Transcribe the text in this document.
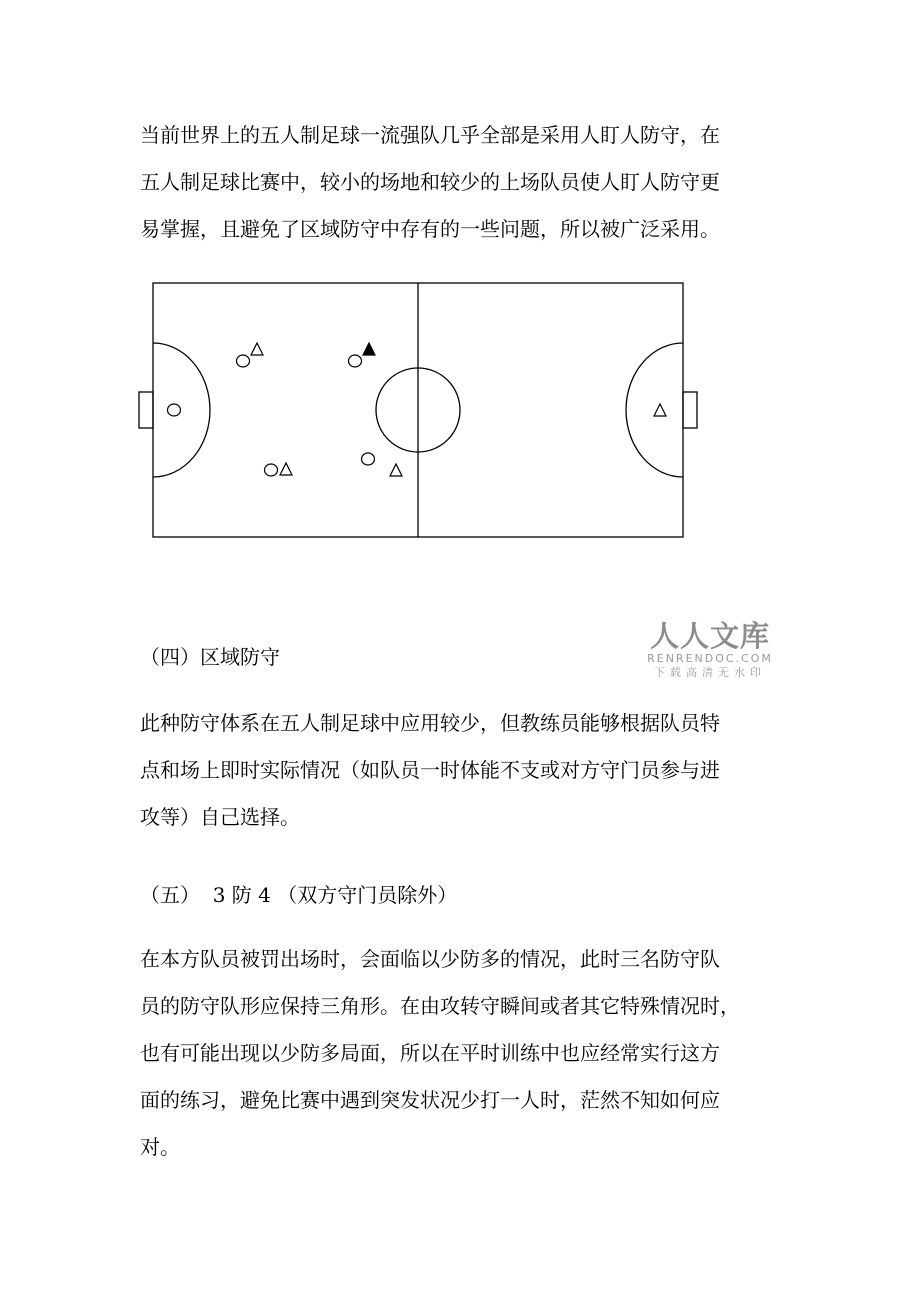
当前世界上的五人制足球一流强队几乎全部是采用人盯人防守，在
五人制足球比赛中，较小的场地和较少的上场队员使人盯人防守更
易掌握，且避免了区域防守中存有的一些问题，所以被广泛采用。
人人文库
RENRENDOC.COM
下载高清无水印
（四）区域防守
此种防守体系在五人制足球中应用较少，但教练员能够根据队员特
点和场上即时实际情况（如队员一时体能不支或对方守门员参与进
攻等）自己选择。
（五）  3 防 4 （双方守门员除外）
在本方队员被罚出场时，会面临以少防多的情况，此时三名防守队
员的防守队形应保持三角形。在由攻转守瞬间或者其它特殊情况时，
也有可能出现以少防多局面，所以在平时训练中也应经常实行这方
面的练习，避免比赛中遇到突发状况少打一人时，茫然不知如何应
对。
